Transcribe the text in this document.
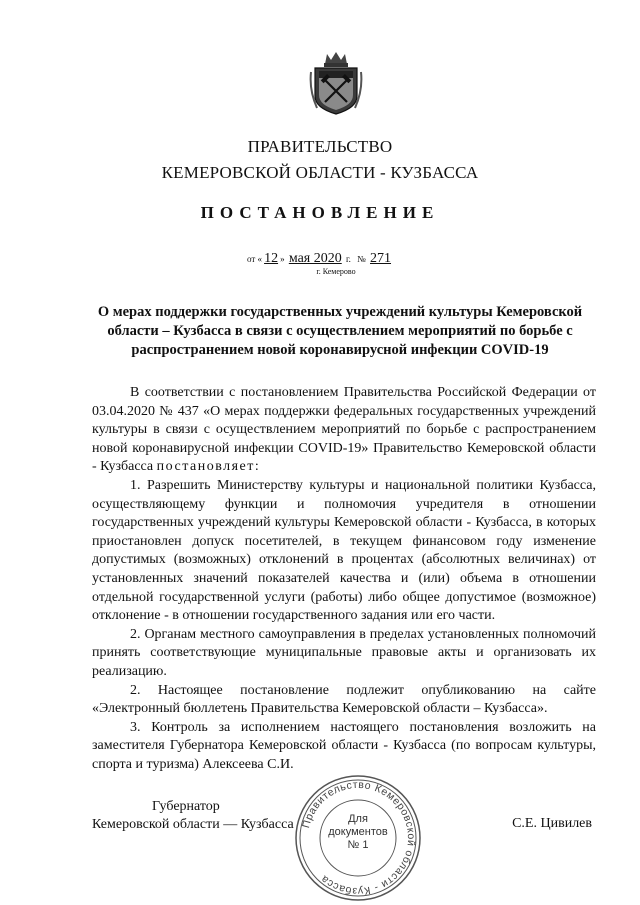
ПРАВИТЕЛЬСТВО
КЕМЕРОВСКОЙ ОБЛАСТИ - КУЗБАССА
ПОСТАНОВЛЕНИЕ
от « 12 » мая 2020 г. № 271
г. Кемерово
О мерах поддержки государственных учреждений культуры Кемеровской области – Кузбасса в связи с осуществлением мероприятий по борьбе с распространением новой коронавирусной инфекции COVID-19

В соответствии с постановлением Правительства Российской Федерации от 03.04.2020 № 437 «О мерах поддержки федеральных государственных учреждений культуры в связи с осуществлением мероприятий по борьбе с распространением новой коронавирусной инфекции COVID-19» Правительство Кемеровской области - Кузбасса постановляет:

1. Разрешить Министерству культуры и национальной политики Кузбасса, осуществляющему функции и полномочия учредителя в отношении государственных учреждений культуры Кемеровской области - Кузбасса, в которых приостановлен допуск посетителей, в текущем финансовом году изменение допустимых (возможных) отклонений в процентах (абсолютных величинах) от установленных значений показателей качества и (или) объема в отношении отдельной государственной услуги (работы) либо общее допустимое (возможное) отклонение - в отношении государственного задания или его части.

2. Органам местного самоуправления в пределах установленных полномочий принять соответствующие муниципальные правовые акты и организовать их реализацию.

2. Настоящее постановление подлежит опубликованию на сайте «Электронный бюллетень Правительства Кемеровской области – Кузбасса».

3. Контроль за исполнением настоящего постановления возложить на заместителя Губернатора Кемеровской области - Кузбасса (по вопросам культуры, спорта и туризма) Алексеева С.И.

Губернатор
Кемеровской области — Кузбасса	С.Е. Цивилев
Правительство Кемеровской области - Кузбасса
Для
документов
№ 1
